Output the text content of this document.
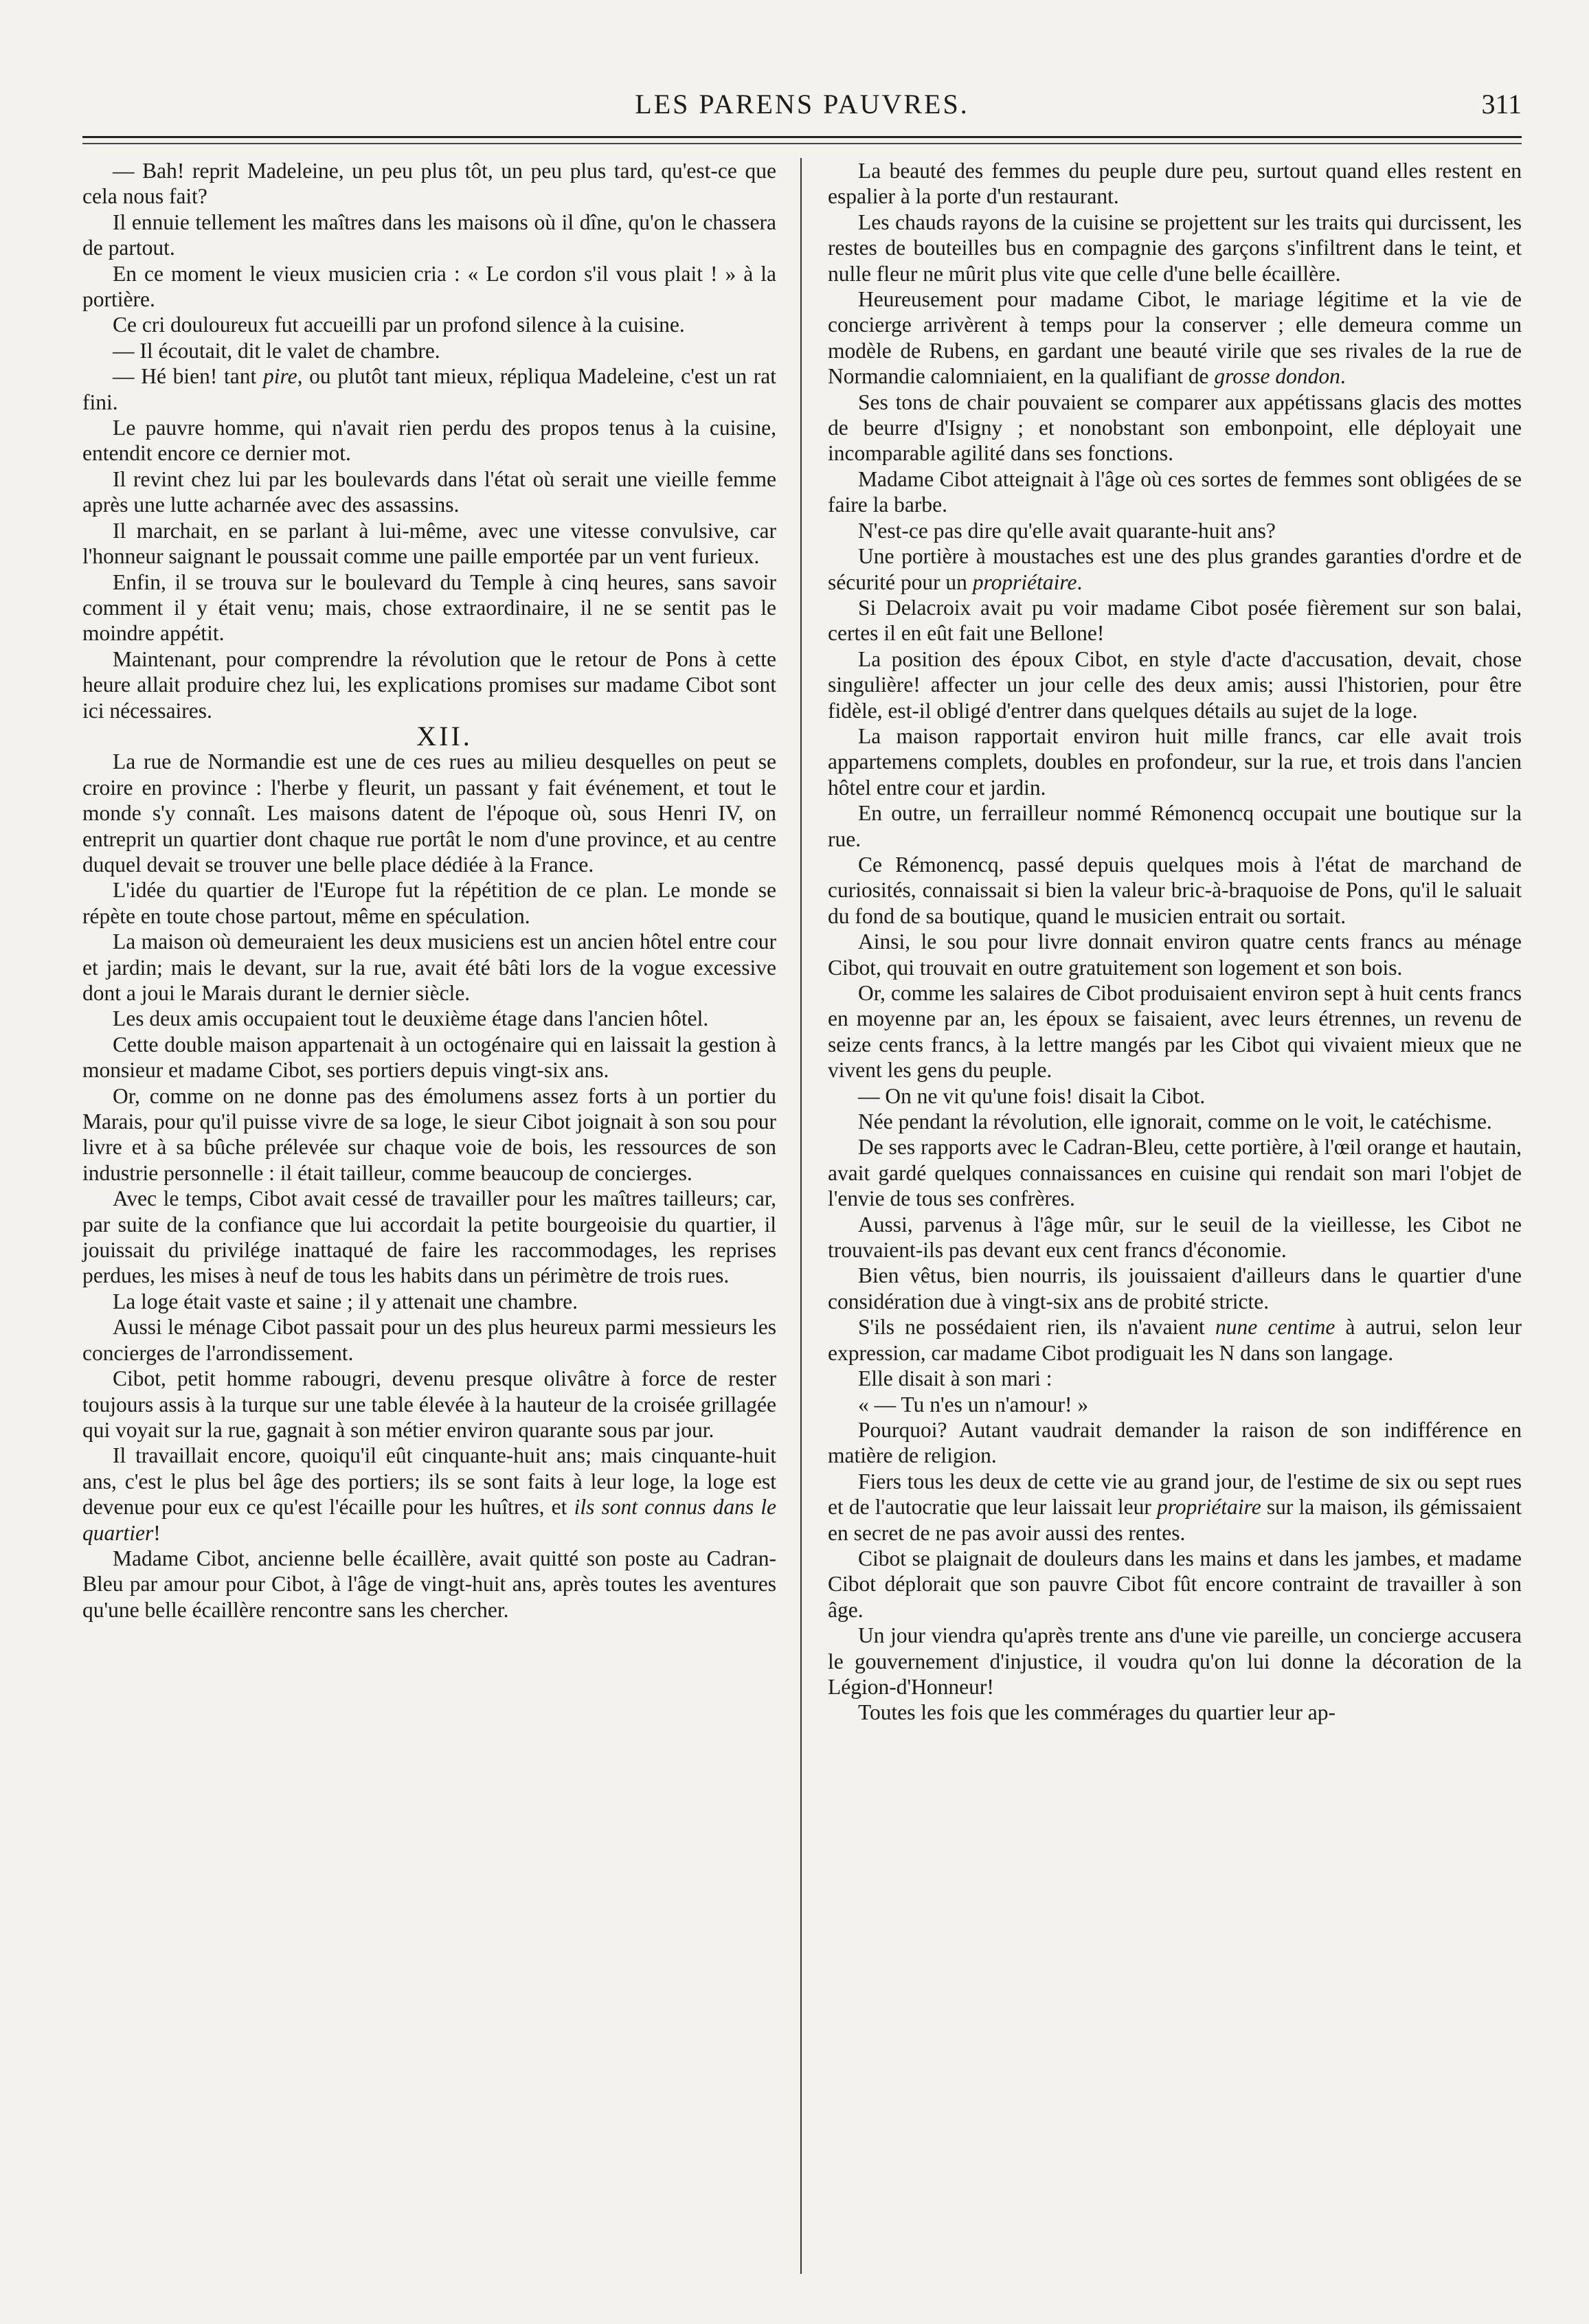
LES PARENS PAUVRES.	311

— Bah! reprit Madeleine, un peu plus tôt, un peu plus tard, qu'est-ce que cela nous fait?

Il ennuie tellement les maîtres dans les maisons où il dîne, qu'on le chassera de partout.

En ce moment le vieux musicien cria : « Le cordon s'il vous plait ! » à la portière.

Ce cri douloureux fut accueilli par un profond silence à la cuisine.

— Il écoutait, dit le valet de chambre.

— Hé bien! tant pire, ou plutôt tant mieux, répliqua Madeleine, c'est un rat fini.

Le pauvre homme, qui n'avait rien perdu des propos tenus à la cuisine, entendit encore ce dernier mot.

Il revint chez lui par les boulevards dans l'état où serait une vieille femme après une lutte acharnée avec des assassins.

Il marchait, en se parlant à lui-même, avec une vitesse convulsive, car l'honneur saignant le poussait comme une paille emportée par un vent furieux.

Enfin, il se trouva sur le boulevard du Temple à cinq heures, sans savoir comment il y était venu; mais, chose extraordinaire, il ne se sentit pas le moindre appétit.

Maintenant, pour comprendre la révolution que le retour de Pons à cette heure allait produire chez lui, les explications promises sur madame Cibot sont ici nécessaires.

XII.

La rue de Normandie est une de ces rues au milieu desquelles on peut se croire en province : l'herbe y fleurit, un passant y fait événement, et tout le monde s'y connaît. Les maisons datent de l'époque où, sous Henri IV, on entreprit un quartier dont chaque rue portât le nom d'une province, et au centre duquel devait se trouver une belle place dédiée à la France.

L'idée du quartier de l'Europe fut la répétition de ce plan. Le monde se répète en toute chose partout, même en spéculation.

La maison où demeuraient les deux musiciens est un ancien hôtel entre cour et jardin; mais le devant, sur la rue, avait été bâti lors de la vogue excessive dont a joui le Marais durant le dernier siècle.

Les deux amis occupaient tout le deuxième étage dans l'ancien hôtel.

Cette double maison appartenait à un octogénaire qui en laissait la gestion à monsieur et madame Cibot, ses portiers depuis vingt-six ans.

Or, comme on ne donne pas des émolumens assez forts à un portier du Marais, pour qu'il puisse vivre de sa loge, le sieur Cibot joignait à son sou pour livre et à sa bûche prélevée sur chaque voie de bois, les ressources de son industrie personnelle : il était tailleur, comme beaucoup de concierges.

Avec le temps, Cibot avait cessé de travailler pour les maîtres tailleurs; car, par suite de la confiance que lui accordait la petite bourgeoisie du quartier, il jouissait du privilége inattaqué de faire les raccommodages, les reprises perdues, les mises à neuf de tous les habits dans un périmètre de trois rues.

La loge était vaste et saine ; il y attenait une chambre.

Aussi le ménage Cibot passait pour un des plus heureux parmi messieurs les concierges de l'arrondissement.

Cibot, petit homme rabougri, devenu presque olivâtre à force de rester toujours assis à la turque sur une table élevée à la hauteur de la croisée grillagée qui voyait sur la rue, gagnait à son métier environ quarante sous par jour.

Il travaillait encore, quoiqu'il eût cinquante-huit ans; mais cinquante-huit ans, c'est le plus bel âge des portiers; ils se sont faits à leur loge, la loge est devenue pour eux ce qu'est l'écaille pour les huîtres, et ils sont connus dans le quartier!

Madame Cibot, ancienne belle écaillère, avait quitté son poste au Cadran-Bleu par amour pour Cibot, à l'âge de vingt-huit ans, après toutes les aventures qu'une belle écaillère rencontre sans les chercher.

La beauté des femmes du peuple dure peu, surtout quand elles restent en espalier à la porte d'un restaurant.

Les chauds rayons de la cuisine se projettent sur les traits qui durcissent, les restes de bouteilles bus en compagnie des garçons s'infiltrent dans le teint, et nulle fleur ne mûrit plus vite que celle d'une belle écaillère.

Heureusement pour madame Cibot, le mariage légitime et la vie de concierge arrivèrent à temps pour la conserver ; elle demeura comme un modèle de Rubens, en gardant une beauté virile que ses rivales de la rue de Normandie calomniaient, en la qualifiant de grosse dondon.

Ses tons de chair pouvaient se comparer aux appétissans glacis des mottes de beurre d'Isigny ; et nonobstant son embonpoint, elle déployait une incomparable agilité dans ses fonctions.

Madame Cibot atteignait à l'âge où ces sortes de femmes sont obligées de se faire la barbe.

N'est-ce pas dire qu'elle avait quarante-huit ans?

Une portière à moustaches est une des plus grandes garanties d'ordre et de sécurité pour un propriétaire.

Si Delacroix avait pu voir madame Cibot posée fièrement sur son balai, certes il en eût fait une Bellone!

La position des époux Cibot, en style d'acte d'accusation, devait, chose singulière! affecter un jour celle des deux amis; aussi l'historien, pour être fidèle, est-il obligé d'entrer dans quelques détails au sujet de la loge.

La maison rapportait environ huit mille francs, car elle avait trois appartemens complets, doubles en profondeur, sur la rue, et trois dans l'ancien hôtel entre cour et jardin.

En outre, un ferrailleur nommé Rémonencq occupait une boutique sur la rue.

Ce Rémonencq, passé depuis quelques mois à l'état de marchand de curiosités, connaissait si bien la valeur bric-à-braquoise de Pons, qu'il le saluait du fond de sa boutique, quand le musicien entrait ou sortait.

Ainsi, le sou pour livre donnait environ quatre cents francs au ménage Cibot, qui trouvait en outre gratuitement son logement et son bois.

Or, comme les salaires de Cibot produisaient environ sept à huit cents francs en moyenne par an, les époux se faisaient, avec leurs étrennes, un revenu de seize cents francs, à la lettre mangés par les Cibot qui vivaient mieux que ne vivent les gens du peuple.

— On ne vit qu'une fois! disait la Cibot.

Née pendant la révolution, elle ignorait, comme on le voit, le catéchisme.

De ses rapports avec le Cadran-Bleu, cette portière, à l'œil orange et hautain, avait gardé quelques connaissances en cuisine qui rendait son mari l'objet de l'envie de tous ses confrères.

Aussi, parvenus à l'âge mûr, sur le seuil de la vieillesse, les Cibot ne trouvaient-ils pas devant eux cent francs d'économie.

Bien vêtus, bien nourris, ils jouissaient d'ailleurs dans le quartier d'une considération due à vingt-six ans de probité stricte.

S'ils ne possédaient rien, ils n'avaient nune centime à autrui, selon leur expression, car madame Cibot prodiguait les N dans son langage.

Elle disait à son mari :

« — Tu n'es un n'amour! »

Pourquoi? Autant vaudrait demander la raison de son indifférence en matière de religion.

Fiers tous les deux de cette vie au grand jour, de l'estime de six ou sept rues et de l'autocratie que leur laissait leur propriétaire sur la maison, ils gémissaient en secret de ne pas avoir aussi des rentes.

Cibot se plaignait de douleurs dans les mains et dans les jambes, et madame Cibot déplorait que son pauvre Cibot fût encore contraint de travailler à son âge.

Un jour viendra qu'après trente ans d'une vie pareille, un concierge accusera le gouvernement d'injustice, il voudra qu'on lui donne la décoration de la Légion-d'Honneur!

Toutes les fois que les commérages du quartier leur ap-
